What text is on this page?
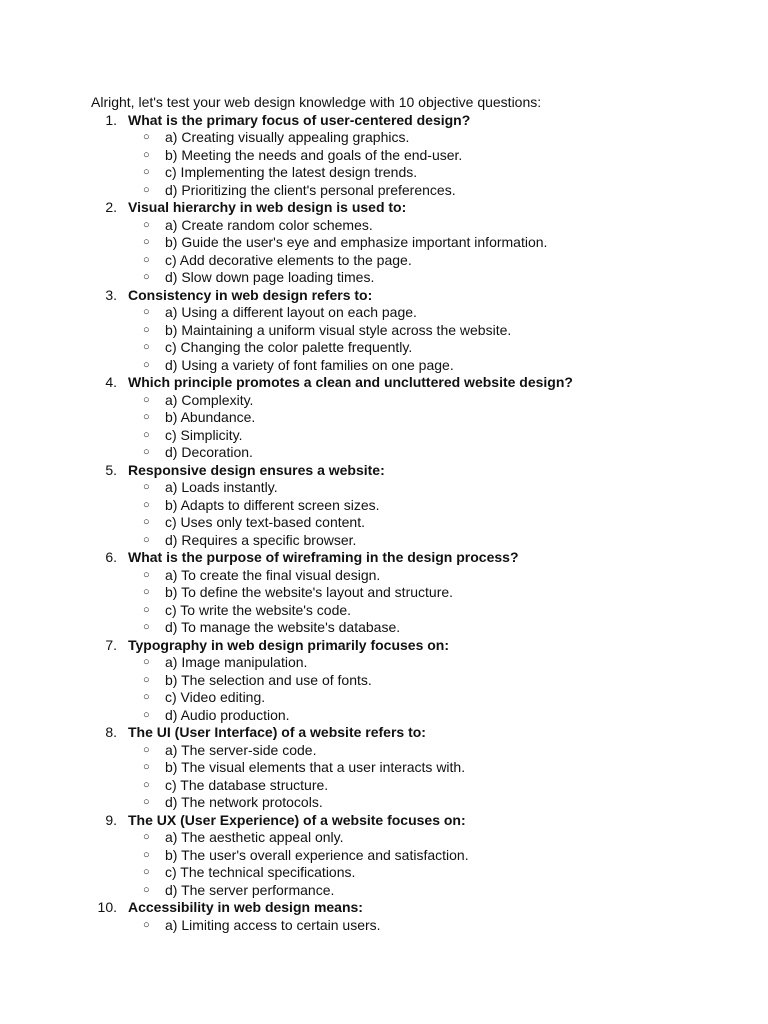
Alright, let's test your web design knowledge with 10 objective questions:
1. What is the primary focus of user-centered design?
○ a) Creating visually appealing graphics.
○ b) Meeting the needs and goals of the end-user.
○ c) Implementing the latest design trends.
○ d) Prioritizing the client's personal preferences.
2. Visual hierarchy in web design is used to:
○ a) Create random color schemes.
○ b) Guide the user's eye and emphasize important information.
○ c) Add decorative elements to the page.
○ d) Slow down page loading times.
3. Consistency in web design refers to:
○ a) Using a different layout on each page.
○ b) Maintaining a uniform visual style across the website.
○ c) Changing the color palette frequently.
○ d) Using a variety of font families on one page.
4. Which principle promotes a clean and uncluttered website design?
○ a) Complexity.
○ b) Abundance.
○ c) Simplicity.
○ d) Decoration.
5. Responsive design ensures a website:
○ a) Loads instantly.
○ b) Adapts to different screen sizes.
○ c) Uses only text-based content.
○ d) Requires a specific browser.
6. What is the purpose of wireframing in the design process?
○ a) To create the final visual design.
○ b) To define the website's layout and structure.
○ c) To write the website's code.
○ d) To manage the website's database.
7. Typography in web design primarily focuses on:
○ a) Image manipulation.
○ b) The selection and use of fonts.
○ c) Video editing.
○ d) Audio production.
8. The UI (User Interface) of a website refers to:
○ a) The server-side code.
○ b) The visual elements that a user interacts with.
○ c) The database structure.
○ d) The network protocols.
9. The UX (User Experience) of a website focuses on:
○ a) The aesthetic appeal only.
○ b) The user's overall experience and satisfaction.
○ c) The technical specifications.
○ d) The server performance.
10. Accessibility in web design means:
○ a) Limiting access to certain users.
